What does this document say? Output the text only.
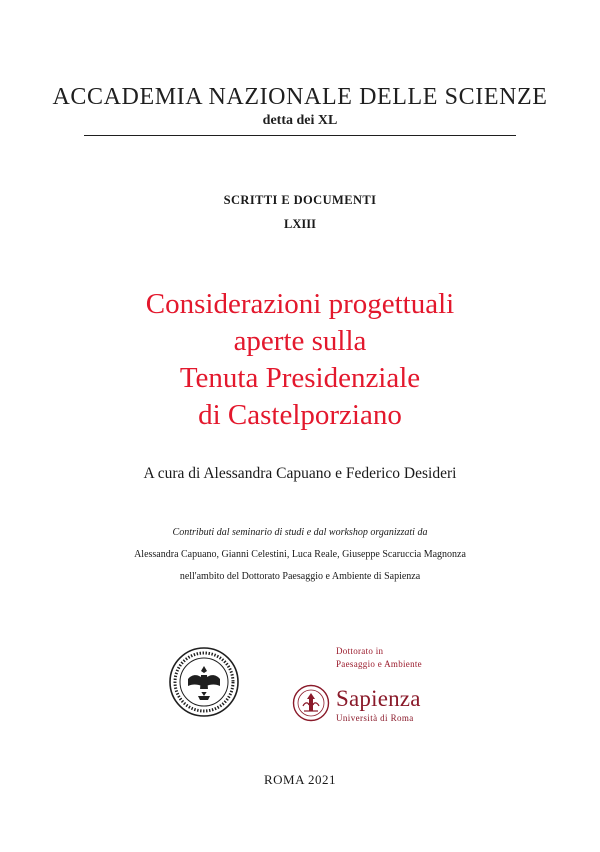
ACCADEMIA NAZIONALE DELLE SCIENZE
detta dei XL
SCRITTI E DOCUMENTI
LXIII
Considerazioni progettuali
aperte sulla
Tenuta Presidenziale
di Castelporziano
A cura di Alessandra Capuano e Federico Desideri
Contributi dal seminario di studi e dal workshop organizzati da
Alessandra Capuano, Gianni Celestini, Luca Reale, Giuseppe Scaruccia Magnonza
nell'ambito del Dottorato Paesaggio e Ambiente di Sapienza
Dottorato in
Paesaggio e Ambiente
Sapienza
Università di Roma
ROMA 2021
